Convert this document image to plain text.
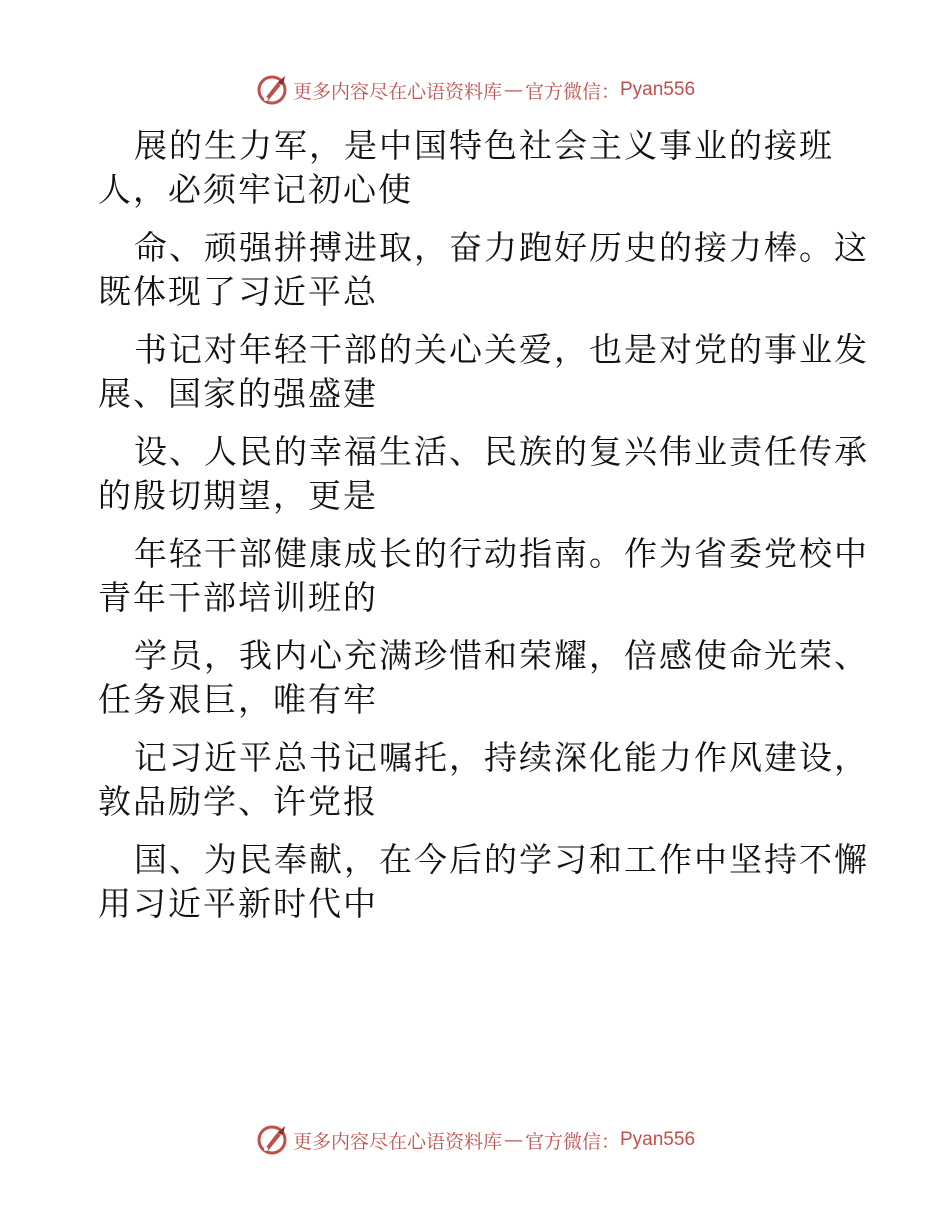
更多内容尽在心语资料库 — 官方微信： Pyan556
展的生力军，是中国特色社会主义事业的接班
人，必须牢记初心使
命、顽强拼搏进取，奋力跑好历史的接力棒。这
既体现了习近平总
书记对年轻干部的关心关爱，也是对党的事业发
展、国家的强盛建
设、人民的幸福生活、民族的复兴伟业责任传承
的殷切期望，更是
年轻干部健康成长的行动指南。作为省委党校中
青年干部培训班的
学员，我内心充满珍惜和荣耀，倍感使命光荣、
任务艰巨，唯有牢
记习近平总书记嘱托，持续深化能力作风建设，
敦品励学、许党报
国、为民奉献，在今后的学习和工作中坚持不懈
用习近平新时代中
更多内容尽在心语资料库 — 官方微信： Pyan556
